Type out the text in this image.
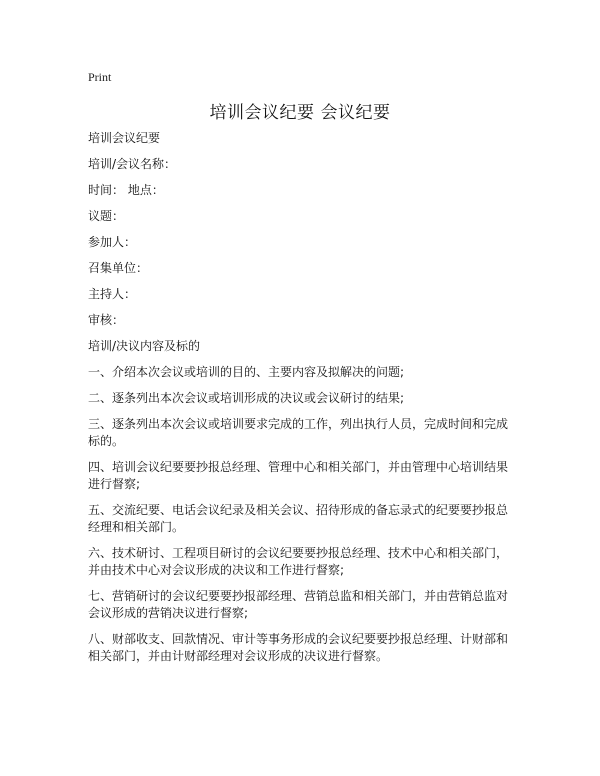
Print
培训会议纪要 会议纪要
培训会议纪要
培训/会议名称：
时间： 地点：
议题：
参加人：
召集单位：
主持人：
审核：
培训/决议内容及标的
一、介绍本次会议或培训的目的、主要内容及拟解决的问题;
二、逐条列出本次会议或培训形成的决议或会议研讨的结果;
三、逐条列出本次会议或培训要求完成的工作，列出执行人员，完成时间和完成标的。
四、培训会议纪要要抄报总经理、管理中心和相关部门，并由管理中心培训结果进行督察;
五、交流纪要、电话会议纪录及相关会议、招待形成的备忘录式的纪要要抄报总经理和相关部门。
六、技术研讨、工程项目研讨的会议纪要要抄报总经理、技术中心和相关部门，并由技术中心对会议形成的决议和工作进行督察;
七、营销研讨的会议纪要要抄报部经理、营销总监和相关部门，并由营销总监对会议形成的营销决议进行督察;
八、财部收支、回款情况、审计等事务形成的会议纪要要抄报总经理、计财部和相关部门，并由计财部经理对会议形成的决议进行督察。
